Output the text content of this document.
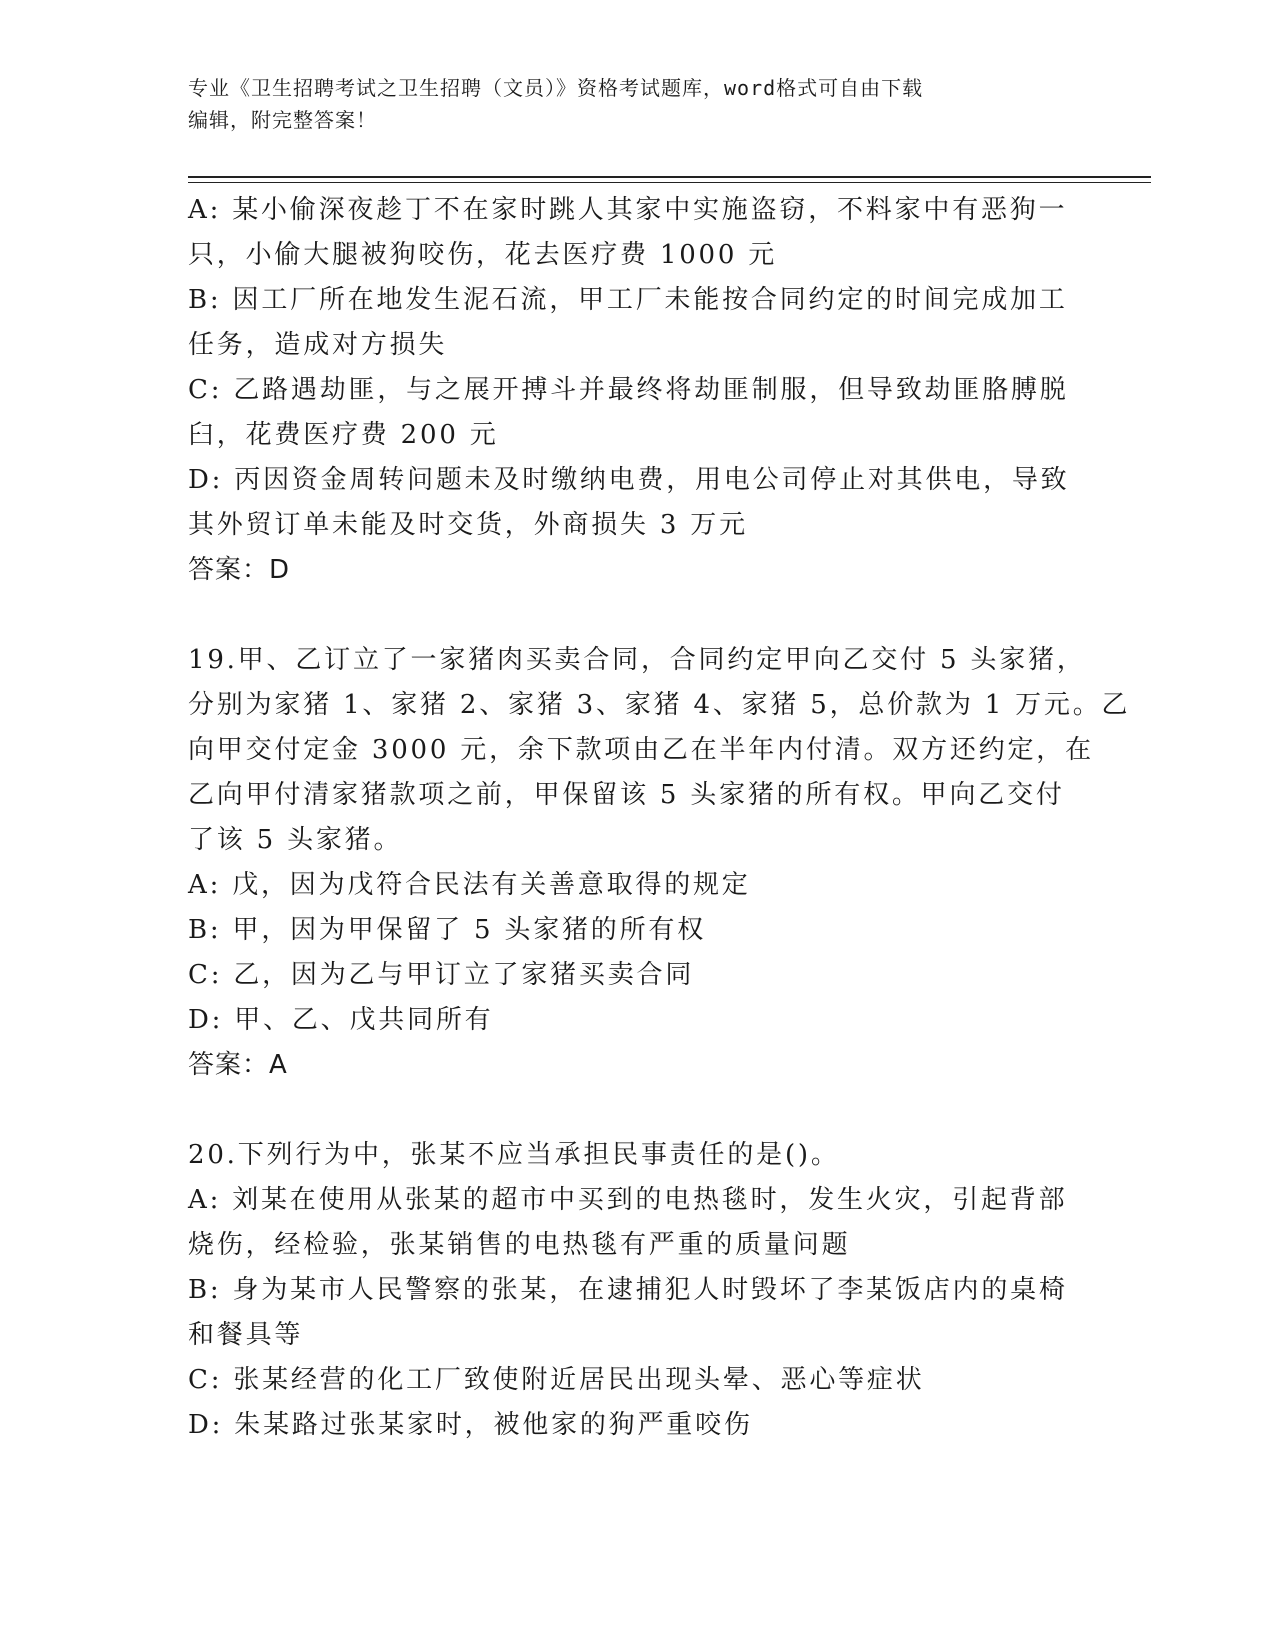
专业《卫生招聘考试之卫生招聘（文员）》资格考试题库，word格式可自由下载
编辑，附完整答案！
A: 某小偷深夜趁丁不在家时跳人其家中实施盗窃，不料家中有恶狗一
只，小偷大腿被狗咬伤，花去医疗费 1000 元
B: 因工厂所在地发生泥石流，甲工厂未能按合同约定的时间完成加工
任务，造成对方损失
C: 乙路遇劫匪，与之展开搏斗并最终将劫匪制服，但导致劫匪胳膊脱
臼，花费医疗费 200 元
D: 丙因资金周转问题未及时缴纳电费，用电公司停止对其供电，导致
其外贸订单未能及时交货，外商损失 3 万元
答案：D
19.甲、乙订立了一家猪肉买卖合同，合同约定甲向乙交付 5 头家猪，
分别为家猪 1、家猪 2、家猪 3、家猪 4、家猪 5，总价款为 1 万元。乙
向甲交付定金 3000 元，余下款项由乙在半年内付清。双方还约定，在
乙向甲付清家猪款项之前，甲保留该 5 头家猪的所有权。甲向乙交付
了该 5 头家猪。
A: 戊，因为戊符合民法有关善意取得的规定
B: 甲，因为甲保留了 5 头家猪的所有权
C: 乙，因为乙与甲订立了家猪买卖合同
D: 甲、乙、戊共同所有
答案：A
20.下列行为中，张某不应当承担民事责任的是()。
A: 刘某在使用从张某的超市中买到的电热毯时，发生火灾，引起背部
烧伤，经检验，张某销售的电热毯有严重的质量问题
B: 身为某市人民警察的张某，在逮捕犯人时毁坏了李某饭店内的桌椅
和餐具等
C: 张某经营的化工厂致使附近居民出现头晕、恶心等症状
D: 朱某路过张某家时，被他家的狗严重咬伤
